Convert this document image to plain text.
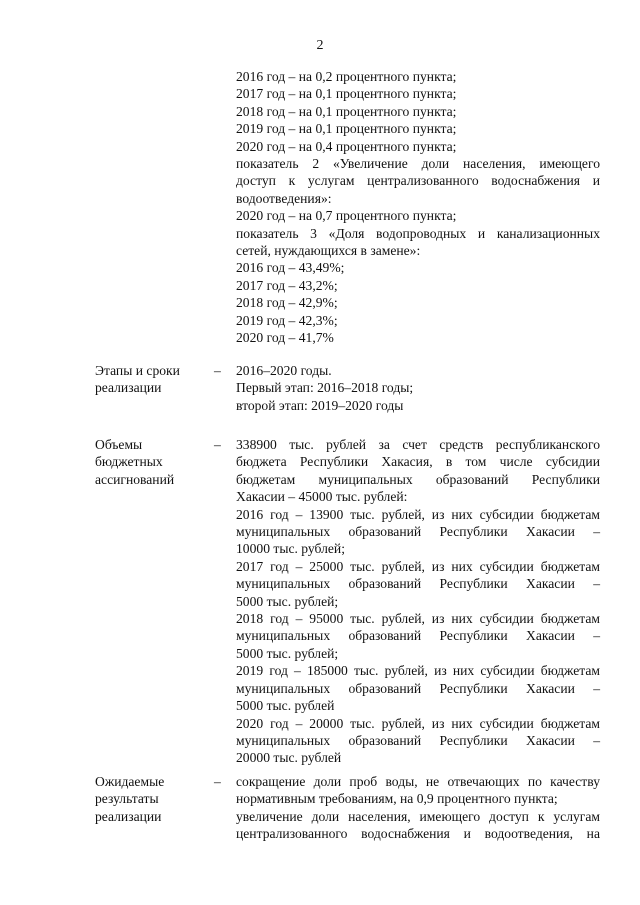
2
2016 год – на 0,2 процентного пункта;
2017 год – на 0,1 процентного пункта;
2018 год – на 0,1 процентного пункта;
2019 год – на 0,1 процентного пункта;
2020 год – на 0,4 процентного пункта;
показатель 2 «Увеличение доли населения, имеющего
доступ к услугам централизованного водоснабжения и
водоотведения»:
2020 год – на 0,7 процентного пункта;
показатель 3 «Доля водопроводных и канализационных
сетей, нуждающихся в замене»:
2016 год – 43,49%;
2017 год – 43,2%;
2018 год – 42,9%;
2019 год – 42,3%;
2020 год – 41,7%
Этапы и сроки
реализации
– 2016–2020 годы.
Первый этап: 2016–2018 годы;
второй этап: 2019–2020 годы
Объемы
бюджетных
ассигнований
– 338900 тыс. рублей за счет средств республиканского
бюджета Республики Хакасия, в том числе субсидии
бюджетам муниципальных образований Республики
Хакасии – 45000 тыс. рублей:
2016 год – 13900 тыс. рублей, из них субсидии бюджетам
муниципальных образований Республики Хакасии –
10000 тыс. рублей;
2017 год – 25000 тыс. рублей, из них субсидии бюджетам
муниципальных образований Республики Хакасии –
5000 тыс. рублей;
2018 год – 95000 тыс. рублей, из них субсидии бюджетам
муниципальных образований Республики Хакасии –
5000 тыс. рублей;
2019 год – 185000 тыс. рублей, из них субсидии бюджетам
муниципальных образований Республики Хакасии –
5000 тыс. рублей
2020 год – 20000 тыс. рублей, из них субсидии бюджетам
муниципальных образований Республики Хакасии –
20000 тыс. рублей
Ожидаемые
результаты
реализации
– сокращение доли проб воды, не отвечающих по качеству
нормативным требованиям, на 0,9 процентного пункта;
увеличение доли населения, имеющего доступ к услугам
централизованного водоснабжения и водоотведения, на
